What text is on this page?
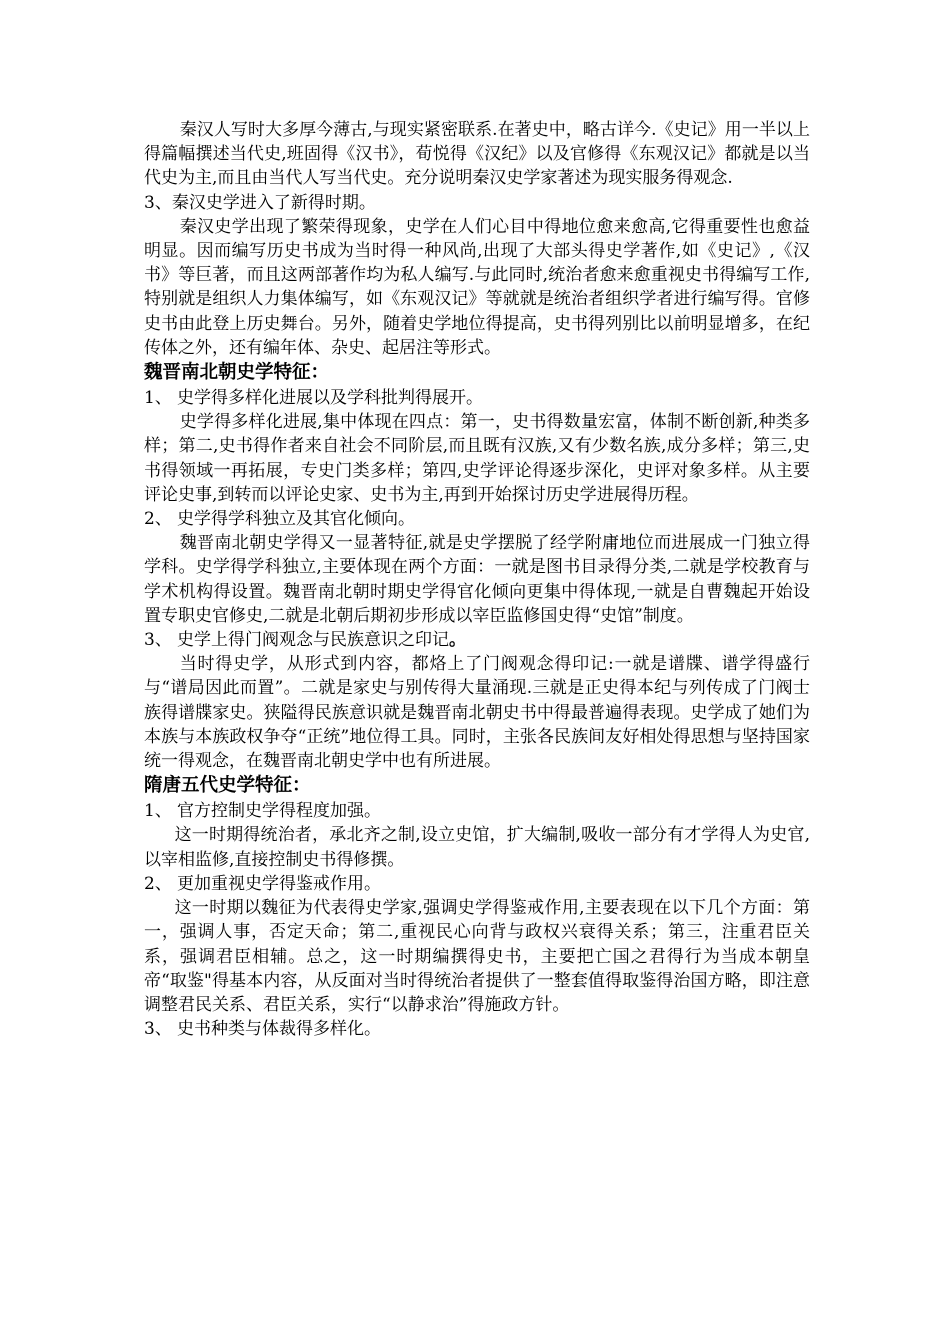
秦汉人写时大多厚今薄古,与现实紧密联系.在著史中，略古详今.《史记》用一半以上得篇幅撰述当代史,班固得《汉书》，荀悦得《汉纪》以及官修得《东观汉记》都就是以当代史为主,而且由当代人写当代史。充分说明秦汉史学家著述为现实服务得观念.

3、秦汉史学进入了新得时期。

秦汉史学出现了繁荣得现象，史学在人们心目中得地位愈来愈高,它得重要性也愈益明显。因而编写历史书成为当时得一种风尚,出现了大部头得史学著作,如《史记》,《汉书》等巨著，而且这两部著作均为私人编写.与此同时,统治者愈来愈重视史书得编写工作,特别就是组织人力集体编写，如《东观汉记》等就就是统治者组织学者进行编写得。官修史书由此登上历史舞台。另外，随着史学地位得提高，史书得列别比以前明显增多，在纪传体之外，还有编年体、杂史、起居注等形式。

魏晋南北朝史学特征：

1、 史学得多样化进展以及学科批判得展开。

史学得多样化进展,集中体现在四点：第一，史书得数量宏富，体制不断创新,种类多样；第二,史书得作者来自社会不同阶层,而且既有汉族,又有少数名族,成分多样；第三,史书得领域一再拓展，专史门类多样；第四,史学评论得逐步深化，史评对象多样。从主要评论史事,到转而以评论史家、史书为主,再到开始探讨历史学进展得历程。

2、 史学得学科独立及其官化倾向。

魏晋南北朝史学得又一显著特征,就是史学摆脱了经学附庸地位而进展成一门独立得学科。史学得学科独立,主要体现在两个方面：一就是图书目录得分类,二就是学校教育与学术机构得设置。魏晋南北朝时期史学得官化倾向更集中得体现,一就是自曹魏起开始设置专职史官修史,二就是北朝后期初步形成以宰臣监修国史得“史馆”制度。

3、 史学上得门阀观念与民族意识之印记。

当时得史学，从形式到内容，都烙上了门阀观念得印记:一就是谱牒、谱学得盛行与“谱局因此而置”。二就是家史与别传得大量涌现.三就是正史得本纪与列传成了门阀士族得谱牒家史。狭隘得民族意识就是魏晋南北朝史书中得最普遍得表现。史学成了她们为本族与本族政权争夺“正统”地位得工具。同时，主张各民族间友好相处得思想与坚持国家统一得观念，在魏晋南北朝史学中也有所进展。

隋唐五代史学特征：

1、 官方控制史学得程度加强。

这一时期得统治者，承北齐之制,设立史馆，扩大编制,吸收一部分有才学得人为史官,以宰相监修,直接控制史书得修撰。

2、 更加重视史学得鉴戒作用。

这一时期以魏征为代表得史学家,强调史学得鉴戒作用,主要表现在以下几个方面：第一，强调人事，否定天命；第二,重视民心向背与政权兴衰得关系；第三，注重君臣关系，强调君臣相辅。总之，这一时期编撰得史书，主要把亡国之君得行为当成本朝皇帝“取鉴"得基本内容，从反面对当时得统治者提供了一整套值得取鉴得治国方略，即注意调整君民关系、君臣关系，实行“以静求治”得施政方针。

3、 史书种类与体裁得多样化。
